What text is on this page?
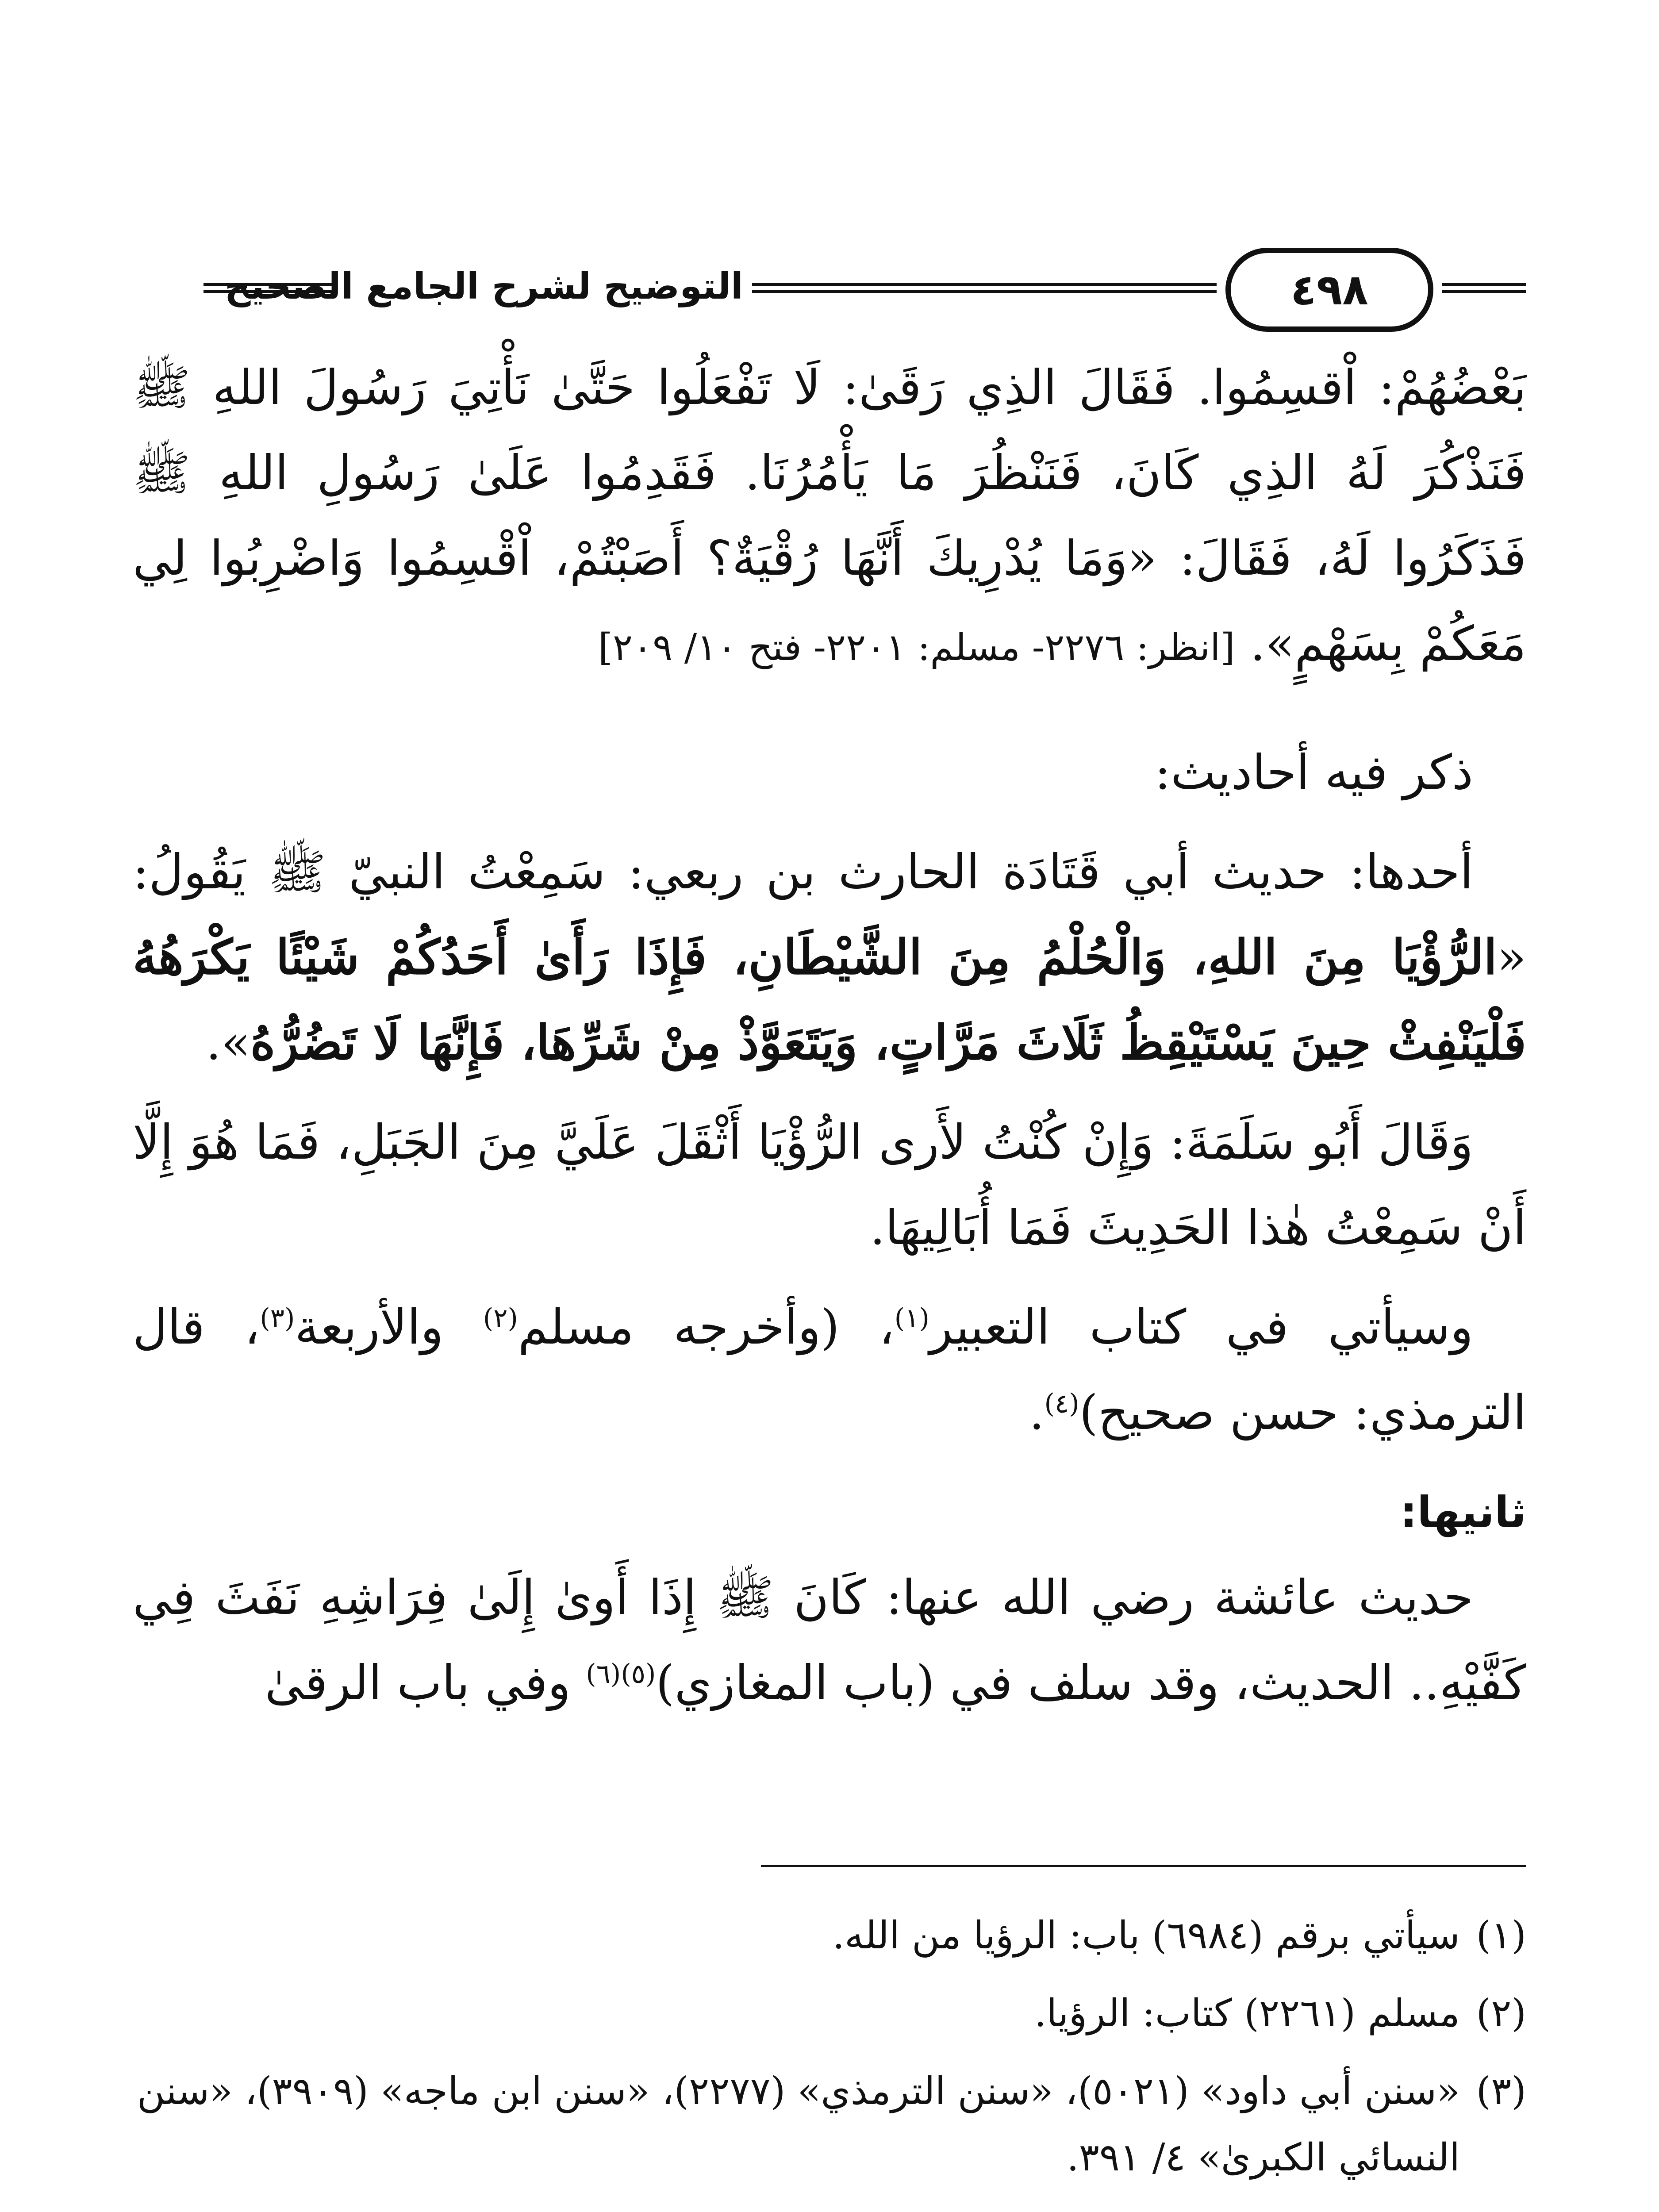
التوضيح لشرح الجامع الصحيح	٤٩٨

بَعْضُهُمْ: اْقسِمُوا. فَقَالَ الذِي رَقَىٰ: لَا تَفْعَلُوا حَتَّىٰ نَأْتِيَ رَسُولَ اللهِ ﷺ فَنَذْكُرَ لَهُ الذِي كَانَ، فَنَنْظُرَ مَا يَأْمُرُنَا. فَقَدِمُوا عَلَىٰ رَسُولِ اللهِ ﷺ فَذَكَرُوا لَهُ، فَقَالَ: «وَمَا يُدْرِيكَ أَنَّهَا رُقْيَةٌ؟ أَصَبْتُمْ، اْقْسِمُوا وَاضْرِبُوا لِي مَعَكُمْ بِسَهْمٍ». [انظر: ٢٢٧٦- مسلم: ٢٢٠١- فتح ١٠/ ٢٠٩]

ذكر فيه أحاديث:

أحدها: حديث أبي قَتَادَة الحارث بن ربعي: سَمِعْتُ النبيّ ﷺ يَقُولُ: «الرُّؤْيَا مِنَ اللهِ، وَالْحُلْمُ مِنَ الشَّيْطَانِ، فَإِذَا رَأَىٰ أَحَدُكُمْ شَيْئًا يَكْرَهُهُ فَلْيَنْفِثْ حِينَ يَسْتَيْقِظُ ثَلَاثَ مَرَّاتٍ، وَيَتَعَوَّذْ مِنْ شَرِّهَا، فَإِنَّهَا لَا تَضُرُّهُ».

وَقَالَ أَبُو سَلَمَةَ: وَإِنْ كُنْتُ لأَرى الرُّؤْيَا أَثْقَلَ عَلَيَّ مِنَ الجَبَلِ، فَمَا هُوَ إِلَّا أَنْ سَمِعْتُ هٰذا الحَدِيثَ فَمَا أُبَالِيهَا.

وسيأتي في كتاب التعبير$^{(١)}$، (وأخرجه مسلم$^{(٢)}$ والأربعة$^{(٣)}$، قال الترمذي: حسن صحيح)$^{(٤)}$.

ثانيها:

حديث عائشة رضي الله عنها: كَانَ ﷺ إِذَا أَوىٰ إِلَىٰ فِرَاشِهِ نَفَثَ فِي كَفَّيْهِ.. الحديث، وقد سلف في (باب المغازي)$^{(٥)(٦)}$ وفي باب الرقىٰ

(١)
سيأتي برقم (٦٩٨٤) باب: الرؤيا من الله.
(٢)
مسلم (٢٢٦١) كتاب: الرؤيا.
(٣)
«سنن أبي داود» (٥٠٢١)، «سنن الترمذي» (٢٢٧٧)، «سنن ابن ماجه» (٣٩٠٩)، «سنن النسائي الكبرىٰ» ٤/ ٣٩١.
